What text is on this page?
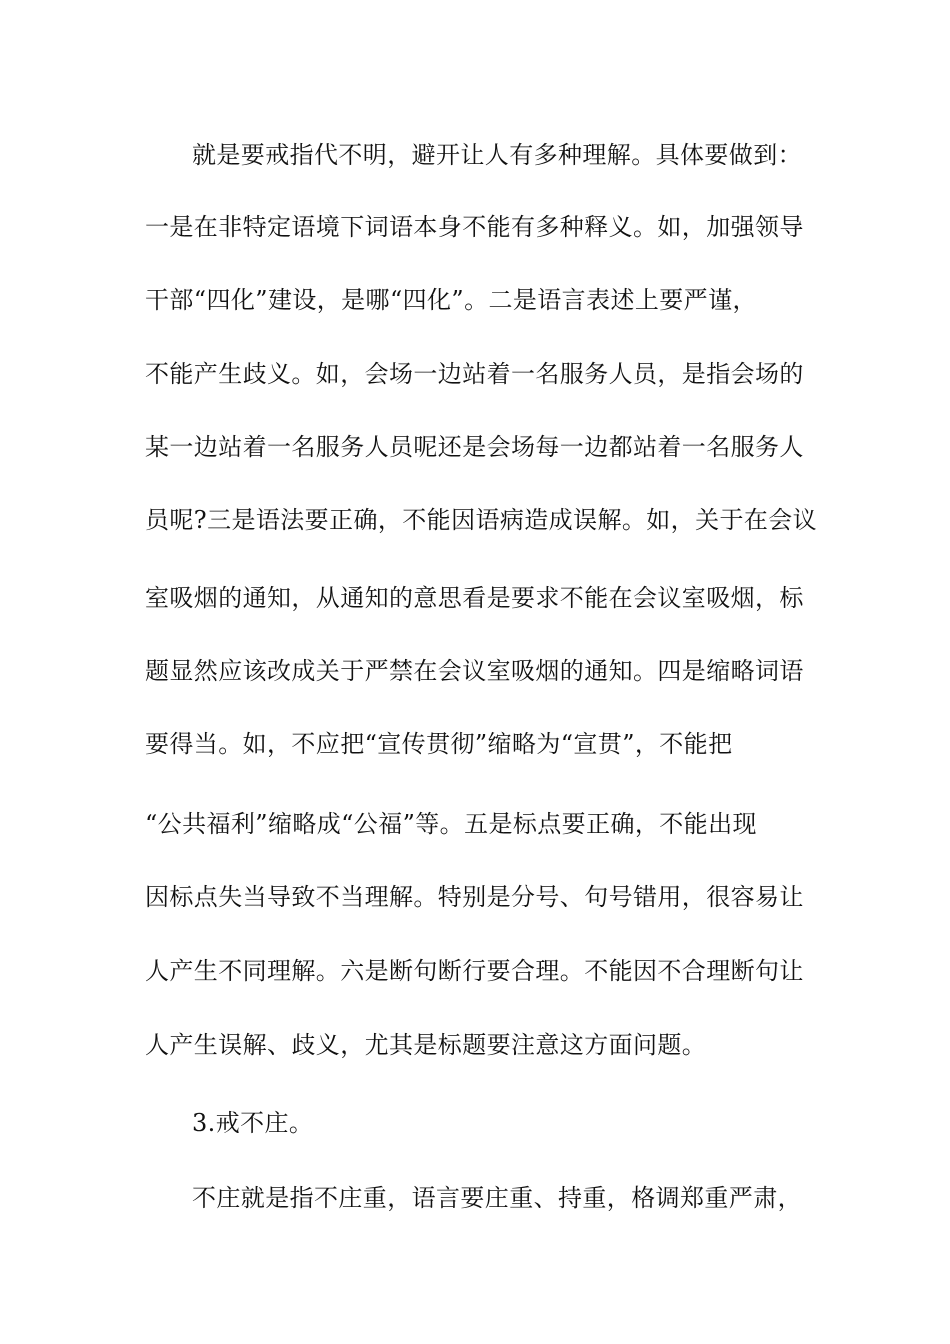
就是要戒指代不明，避开让人有多种理解。具体要做到：
一是在非特定语境下词语本身不能有多种释义。如，加强领导
干部“四化”建设，是哪“四化”。二是语言表述上要严谨，
不能产生歧义。如，会场一边站着一名服务人员，是指会场的
某一边站着一名服务人员呢还是会场每一边都站着一名服务人
员呢?三是语法要正确，不能因语病造成误解。如，关于在会议
室吸烟的通知，从通知的意思看是要求不能在会议室吸烟，标
题显然应该改成关于严禁在会议室吸烟的通知。四是缩略词语
要得当。如，不应把“宣传贯彻”缩略为“宣贯”，不能把
“公共福利”缩略成“公福”等。五是标点要正确，不能出现
因标点失当导致不当理解。特别是分号、句号错用，很容易让
人产生不同理解。六是断句断行要合理。不能因不合理断句让
人产生误解、歧义，尤其是标题要注意这方面问题。
3.戒不庄。
不庄就是指不庄重，语言要庄重、持重，格调郑重严肃，
